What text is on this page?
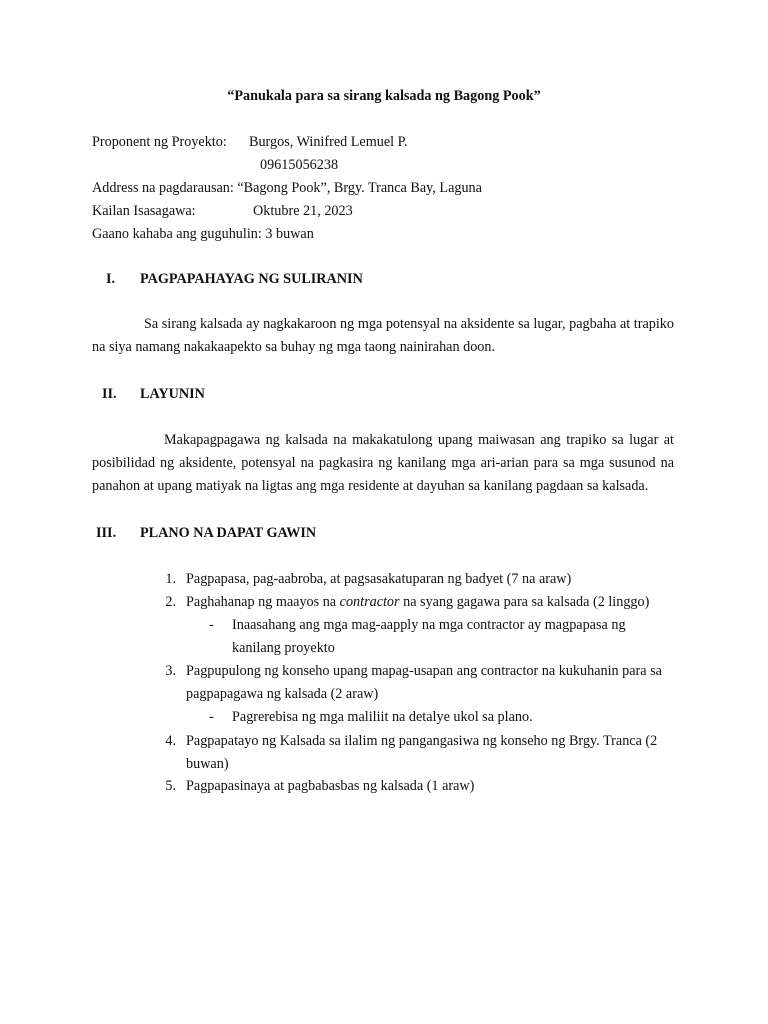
“Panukala para sa sirang kalsada ng Bagong Pook”
Proponent ng Proyekto: Burgos, Winifred Lemuel P.
09615056238
Address na pagdarausan: “Bagong Pook”, Brgy. Tranca Bay, Laguna
Kailan Isasagawa:	Oktubre 21, 2023
Gaano kahaba ang guguhulin: 3 buwan
I. PAGPAPAHAYAG NG SULIRANIN
Sa sirang kalsada ay nagkakaroon ng mga potensyal na aksidente sa lugar, pagbaha at trapiko na siya namang nakakaapekto sa buhay ng mga taong nainirahan doon.
II. LAYUNIN
Makapagpagawa ng kalsada na makakatulong upang maiwasan ang trapiko sa lugar at posibilidad ng aksidente, potensyal na pagkasira ng kanilang mga ari-arian para sa mga susunod na panahon at upang matiyak na ligtas ang mga residente at dayuhan sa kanilang pagdaan sa kalsada.
III. PLANO NA DAPAT GAWIN
1. Pagpapasa, pag-aabroba, at pagsasakatuparan ng badyet (7 na araw)
2. Paghahanap ng maayos na contractor na syang gagawa para sa kalsada (2 linggo)
- Inaasahang ang mga mag-aapply na mga contractor ay magpapasa ng
kanilang proyekto
3. Pagpupulong ng konseho upang mapag-usapan ang contractor na kukuhanin para sa
pagpapagawa ng kalsada (2 araw)
- Pagrerebisa ng mga maliliit na detalye ukol sa plano.
4. Pagpapatayo ng Kalsada sa ilalim ng pangangasiwa ng konseho ng Brgy. Tranca (2
buwan)
5. Pagpapasinaya at pagbabasbas ng kalsada (1 araw)
